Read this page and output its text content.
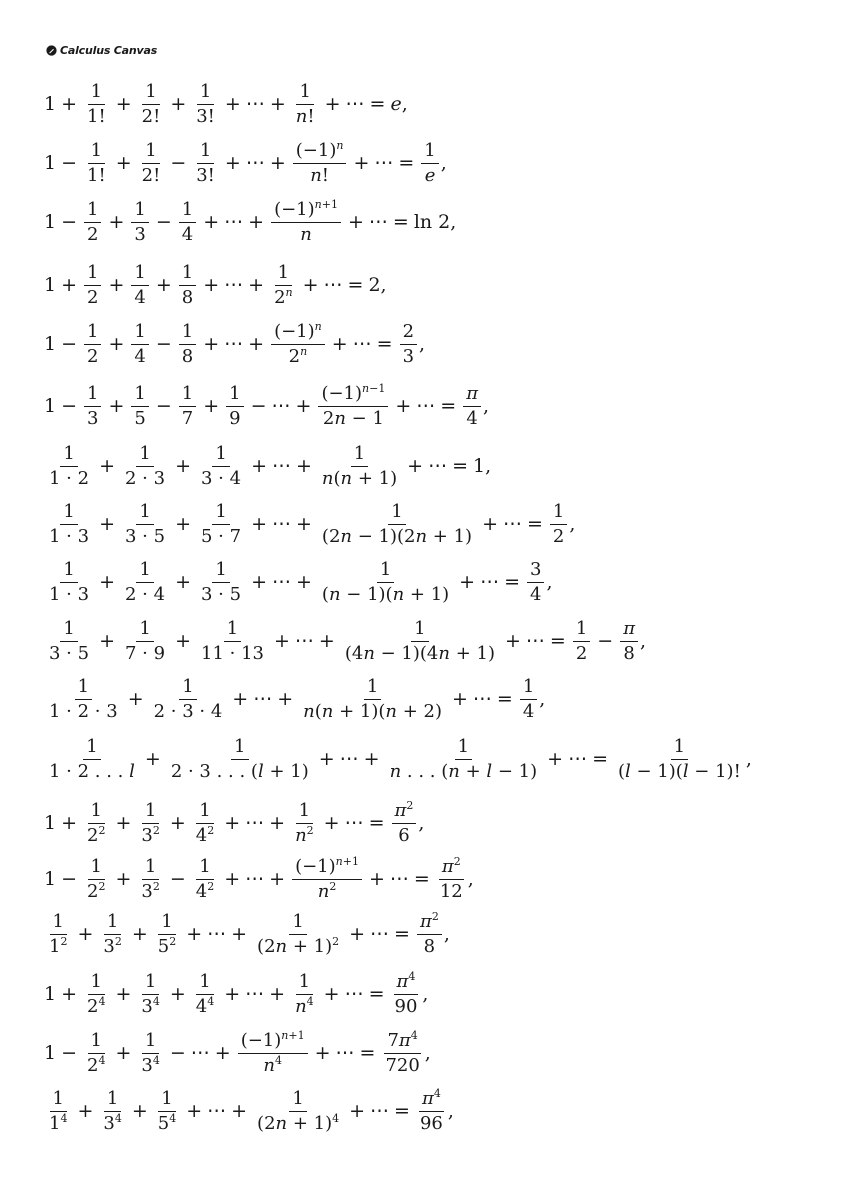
Calculus Canvas
$1 + \frac{1}{1!} + \frac{1}{2!} + \frac{1}{3!}$ + ⋯ + $\frac{1}{n!}$ + ⋯ = e ,
$1 - \frac{1}{1!} + \frac{1}{2!} - \frac{1}{3!}$ + ⋯ + $\frac{(-1)^n}{n!}$ + ⋯ = $\frac{1}{e}$ ,
$1 - \frac{1}{2} + \frac{1}{3} - \frac{1}{4}$ + ⋯ + $\frac{(-1)^{n+1}}{n}$ + ⋯ = ln 2 ,
$1 + \frac{1}{2} + \frac{1}{4} + \frac{1}{8}$ + ⋯ + $\frac{1}{2^n}$ + ⋯ = 2 ,
$1 - \frac{1}{2} + \frac{1}{4} - \frac{1}{8}$ + ⋯ + $\frac{(-1)^n}{2^n}$ + ⋯ = $\frac{2}{3}$ ,
$1 - \frac{1}{3} + \frac{1}{5} - \frac{1}{7} + \frac{1}{9}$ − ⋯ + $\frac{(-1)^{n-1}}{2n - 1}$ + ⋯ = $\frac{\pi}{4}$ ,
$\frac{1}{1 \cdot 2} + \frac{1}{2 \cdot 3} + \frac{1}{3 \cdot 4}$ + ⋯ + $\frac{1}{n(n + 1)}$ + ⋯ = 1 ,
$\frac{1}{1 \cdot 3} + \frac{1}{3 \cdot 5} + \frac{1}{5 \cdot 7}$ + ⋯ + $\frac{1}{(2n - 1)(2n + 1)}$ + ⋯ = $\frac{1}{2}$ ,
$\frac{1}{1 \cdot 3} + \frac{1}{2 \cdot 4} + \frac{1}{3 \cdot 5}$ + ⋯ + $\frac{1}{(n - 1)(n + 1)}$ + ⋯ = $\frac{3}{4}$ ,
$\frac{1}{3 \cdot 5} + \frac{1}{7 \cdot 9} + \frac{1}{11 \cdot 13}$ + ⋯ + $\frac{1}{(4n - 1)(4n + 1)}$ + ⋯ = $\frac{1}{2} - \frac{\pi}{8}$ ,
$\frac{1}{1 \cdot 2 \cdot 3} + \frac{1}{2 \cdot 3 \cdot 4}$ + ⋯ + $\frac{1}{n(n + 1)(n + 2)}$ + ⋯ = $\frac{1}{4}$ ,
$\frac{1}{1 \cdot 2 . . . l} + \frac{1}{2 \cdot 3 . . . (l + 1)}$ + ⋯ + $\frac{1}{n . . . (n + l - 1)}$ + ⋯ = $\frac{1}{(l - 1)(l - 1)!}$ ,
$1 + \frac{1}{2^2} + \frac{1}{3^2} + \frac{1}{4^2}$ + ⋯ + $\frac{1}{n^2}$ + ⋯ = $\frac{\pi^2}{6}$ ,
$1 - \frac{1}{2^2} + \frac{1}{3^2} - \frac{1}{4^2}$ + ⋯ + $\frac{(-1)^{n+1}}{n^2}$ + ⋯ = $\frac{\pi^2}{12}$ ,
$\frac{1}{1^2} + \frac{1}{3^2} + \frac{1}{5^2}$ + ⋯ + $\frac{1}{(2n + 1)^2}$ + ⋯ = $\frac{\pi^2}{8}$ ,
$1 + \frac{1}{2^4} + \frac{1}{3^4} + \frac{1}{4^4}$ + ⋯ + $\frac{1}{n^4}$ + ⋯ = $\frac{\pi^4}{90}$ ,
$1 - \frac{1}{2^4} + \frac{1}{3^4}$ − ⋯ + $\frac{(-1)^{n+1}}{n^4}$ + ⋯ = $\frac{7\pi^4}{720}$ ,
$\frac{1}{1^4} + \frac{1}{3^4} + \frac{1}{5^4}$ + ⋯ + $\frac{1}{(2n + 1)^4}$ + ⋯ = $\frac{\pi^4}{96}$ ,
